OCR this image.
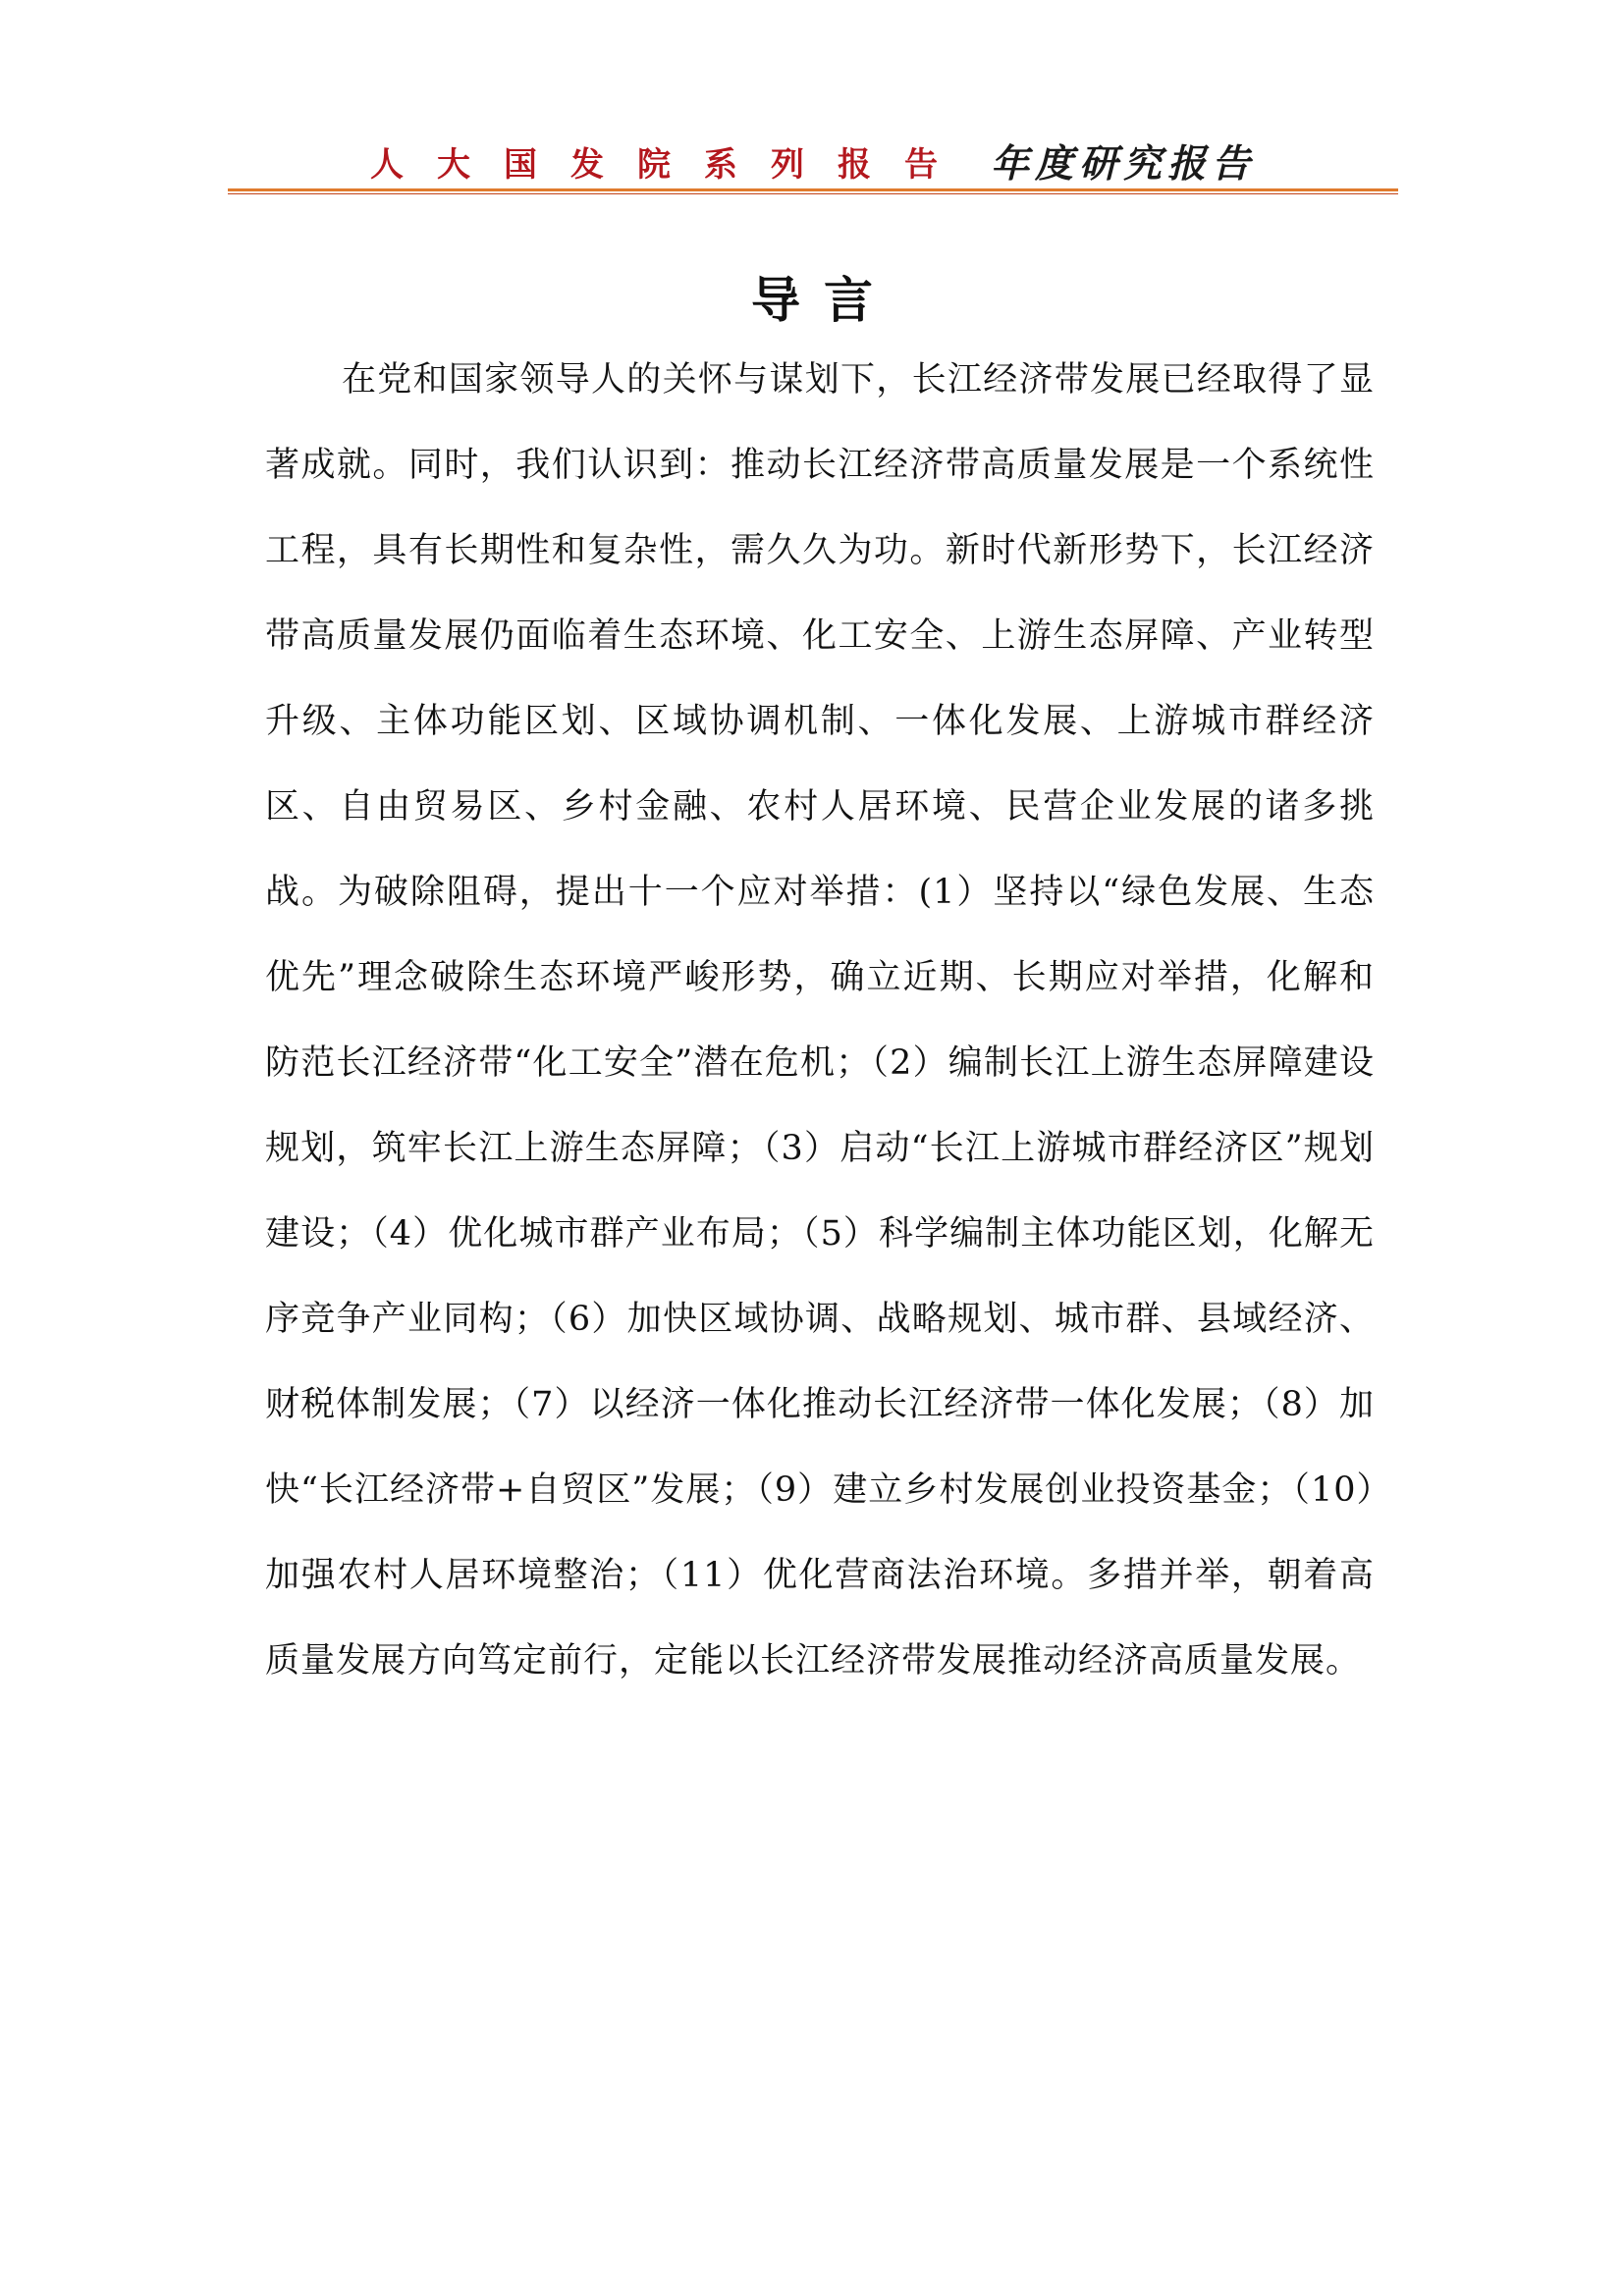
人大国发院系列报告 年度研究报告
导言

在党和国家领导人的关怀与谋划下，长江经济带发展已经取得了显著成就。同时，我们认识到：推动长江经济带高质量发展是一个系统性工程，具有长期性和复杂性，需久久为功。新时代新形势下，长江经济带高质量发展仍面临着生态环境、化工安全、上游生态屏障、产业转型升级、主体功能区划、区域协调机制、一体化发展、上游城市群经济区、自由贸易区、乡村金融、农村人居环境、民营企业发展的诸多挑战。为破除阻碍，提出十一个应对举措：(1）坚持以“绿色发展、生态优先”理念破除生态环境严峻形势，确立近期、长期应对举措，化解和防范长江经济带“化工安全”潜在危机；（2）编制长江上游生态屏障建设规划，筑牢长江上游生态屏障；（3）启动“长江上游城市群经济区”规划建设；（4）优化城市群产业布局；（5）科学编制主体功能区划，化解无序竞争产业同构；（6）加快区域协调、战略规划、城市群、县域经济、财税体制发展；（7）以经济一体化推动长江经济带一体化发展；（8）加快“长江经济带+自贸区”发展；（9）建立乡村发展创业投资基金；（10）加强农村人居环境整治；（11）优化营商法治环境。多措并举，朝着高质量发展方向笃定前行，定能以长江经济带发展推动经济高质量发展。
